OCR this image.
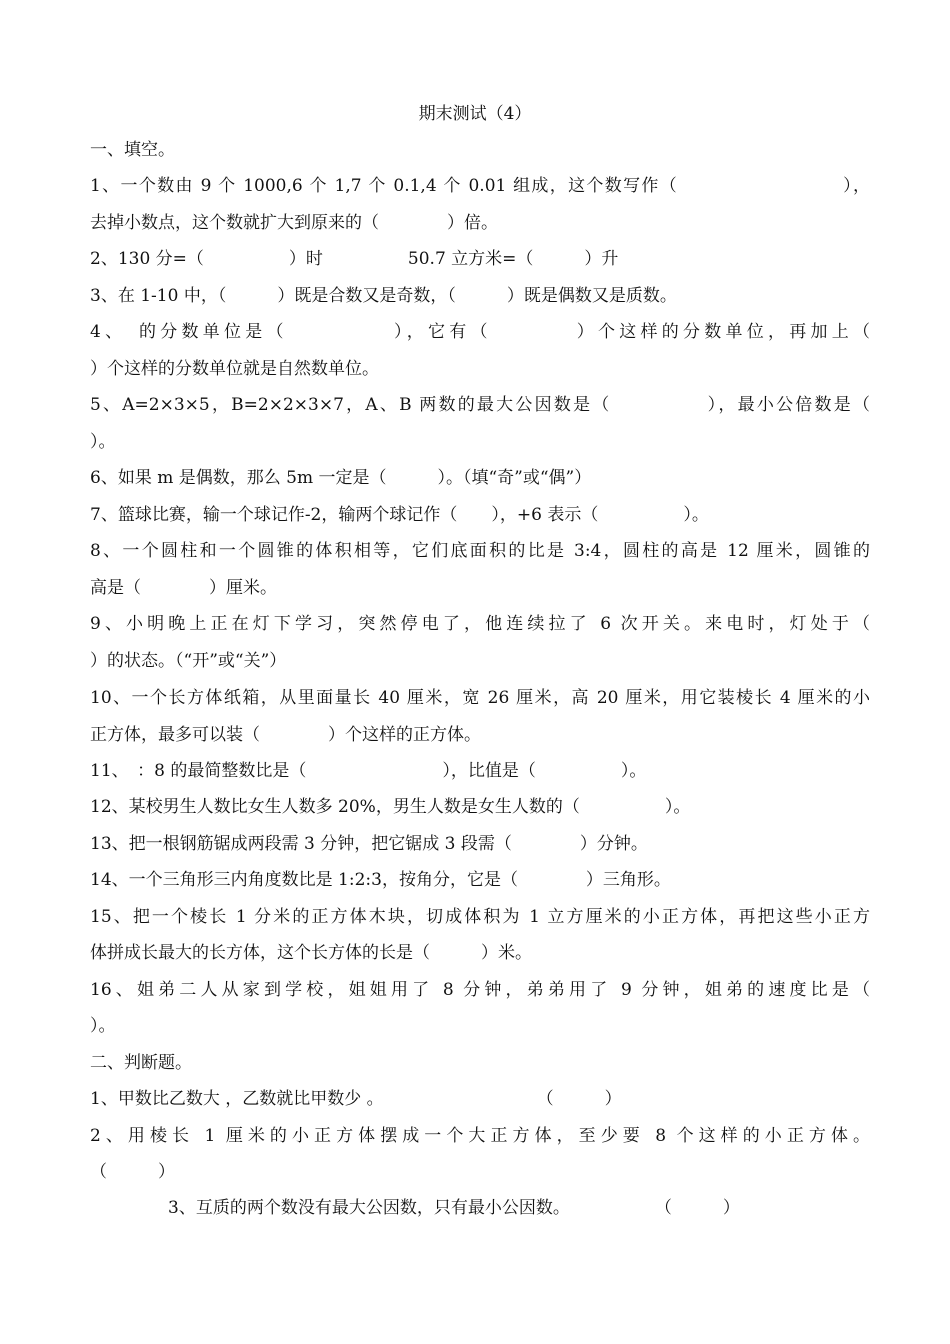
期末测试（4）
一、填空。
1、一个数由 9 个 1000,6 个 1,7 个 0.1,4 个 0.01 组成，这个数写作（　　　　　　　　　），
去掉小数点，这个数就扩大到原来的（　　　　）倍。
2、130 分=（　　　　　）时　　　　　50.7 立方米=（　　　）升
3、在 1-10 中，（　　　）既是合数又是奇数，（　　　）既是偶数又是质数。
4、　的分数单位是（　　　　　），它有（　　　　）个这样的分数单位，再加上（
）个这样的分数单位就是自然数单位。
5、A=2×3×5，B=2×2×3×7，A、B 两数的最大公因数是（　　　　　），最小公倍数是（
）。
6、如果 m 是偶数，那么 5m 一定是（　　　）。（填“奇”或“偶”）
7、篮球比赛，输一个球记作-2，输两个球记作（　　），+6 表示（　　　　　）。
8、一个圆柱和一个圆锥的体积相等，它们底面积的比是 3:4，圆柱的高是 12 厘米，圆锥的
高是（　　　　）厘米。
9、小明晚上正在灯下学习，突然停电了，他连续拉了 6 次开关。来电时，灯处于（
）的状态。（“开”或“关”）
10、一个长方体纸箱，从里面量长 40 厘米，宽 26 厘米，高 20 厘米，用它装棱长 4 厘米的小
正方体，最多可以装（　　　　）个这样的正方体。
11、　：8 的最简整数比是（　　　　　　　　），比值是（　　　　　）。
12、某校男生人数比女生人数多 20%，男生人数是女生人数的（　　　　　）。
13、把一根钢筋锯成两段需 3 分钟，把它锯成 3 段需（　　　　）分钟。
14、一个三角形三内角度数比是 1:2:3，按角分，它是（　　　　）三角形。
15、把一个棱长 1 分米的正方体木块，切成体积为 1 立方厘米的小正方体，再把这些小正方
体拼成长最大的长方体，这个长方体的长是（　　　）米。
16、姐弟二人从家到学校，姐姐用了 8 分钟，弟弟用了 9 分钟，姐弟的速度比是（
）。
二、判断题。
1、甲数比乙数大 ，乙数就比甲数少 。　　　　　　　　　　（　　　）
2、用棱长 1 厘米的小正方体摆成一个大正方体，至少要 8 个这样的小正方体。
（　　　）
3、互质的两个数没有最大公因数，只有最小公因数。　　　　　　（　　　）
